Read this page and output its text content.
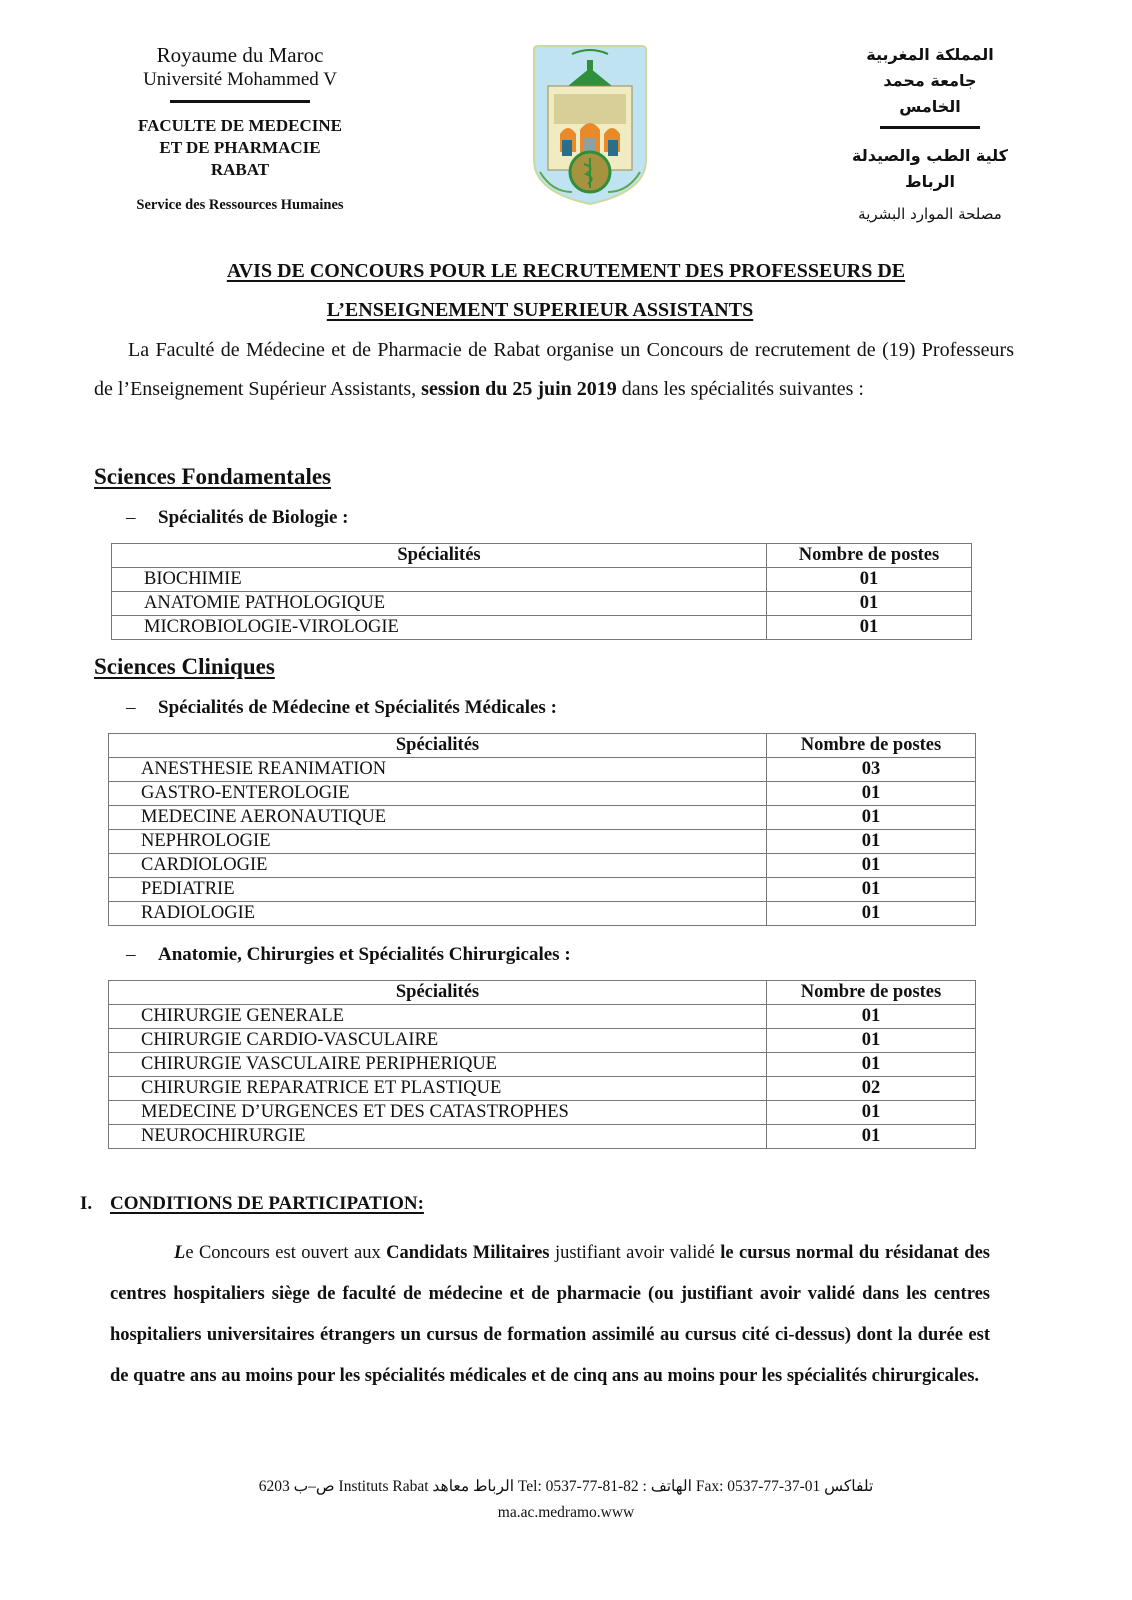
Royaume du Maroc
Université Mohammed V
FACULTE DE MEDECINE
ET DE PHARMACIE
RABAT
Service des Ressources Humaines
المملكة المغربية
جامعة محمد الخامس
كلية الطب والصيدلة
الرباط
مصلحة الموارد البشرية
AVIS DE CONCOURS POUR LE RECRUTEMENT DES PROFESSEURS DE
L’ENSEIGNEMENT SUPERIEUR ASSISTANTS
La Faculté de Médecine et de Pharmacie de Rabat organise un Concours de recrutement de (19) Professeurs de l’Enseignement Supérieur Assistants, session du 25 juin 2019 dans les spécialités suivantes :
Sciences Fondamentales
– Spécialités de Biologie :
Spécialités	Nombre de postes
BIOCHIMIE	01
ANATOMIE PATHOLOGIQUE	01
MICROBIOLOGIE-VIROLOGIE	01
Sciences Cliniques
– Spécialités de Médecine et Spécialités Médicales :
Spécialités	Nombre de postes
ANESTHESIE REANIMATION	03
GASTRO-ENTEROLOGIE	01
MEDECINE AERONAUTIQUE	01
NEPHROLOGIE	01
CARDIOLOGIE	01
PEDIATRIE	01
RADIOLOGIE	01
– Anatomie, Chirurgies et Spécialités Chirurgicales :
Spécialités	Nombre de postes
CHIRURGIE GENERALE	01
CHIRURGIE CARDIO-VASCULAIRE	01
CHIRURGIE VASCULAIRE PERIPHERIQUE	01
CHIRURGIE REPARATRICE ET PLASTIQUE	02
MEDECINE D’URGENCES ET DES CATASTROPHES	01
NEUROCHIRURGIE	01
I. CONDITIONS DE PARTICIPATION:
Le Concours est ouvert aux Candidats Militaires justifiant avoir validé le cursus normal du résidanat des centres hospitaliers siège de faculté de médecine et de pharmacie (ou justifiant avoir validé dans les centres hospitaliers universitaires étrangers un cursus de formation assimilé au cursus cité ci-dessus) dont la durée est de quatre ans au moins pour les spécialités médicales et de cinq ans au moins pour les spécialités chirurgicales.
6203 ص–ب Instituts Rabat الرباط معاهد Tel: 0537-77-81-82 : الهاتف Fax: 0537-77-37-01 تلفاكس
ma.ac.medramo.www
